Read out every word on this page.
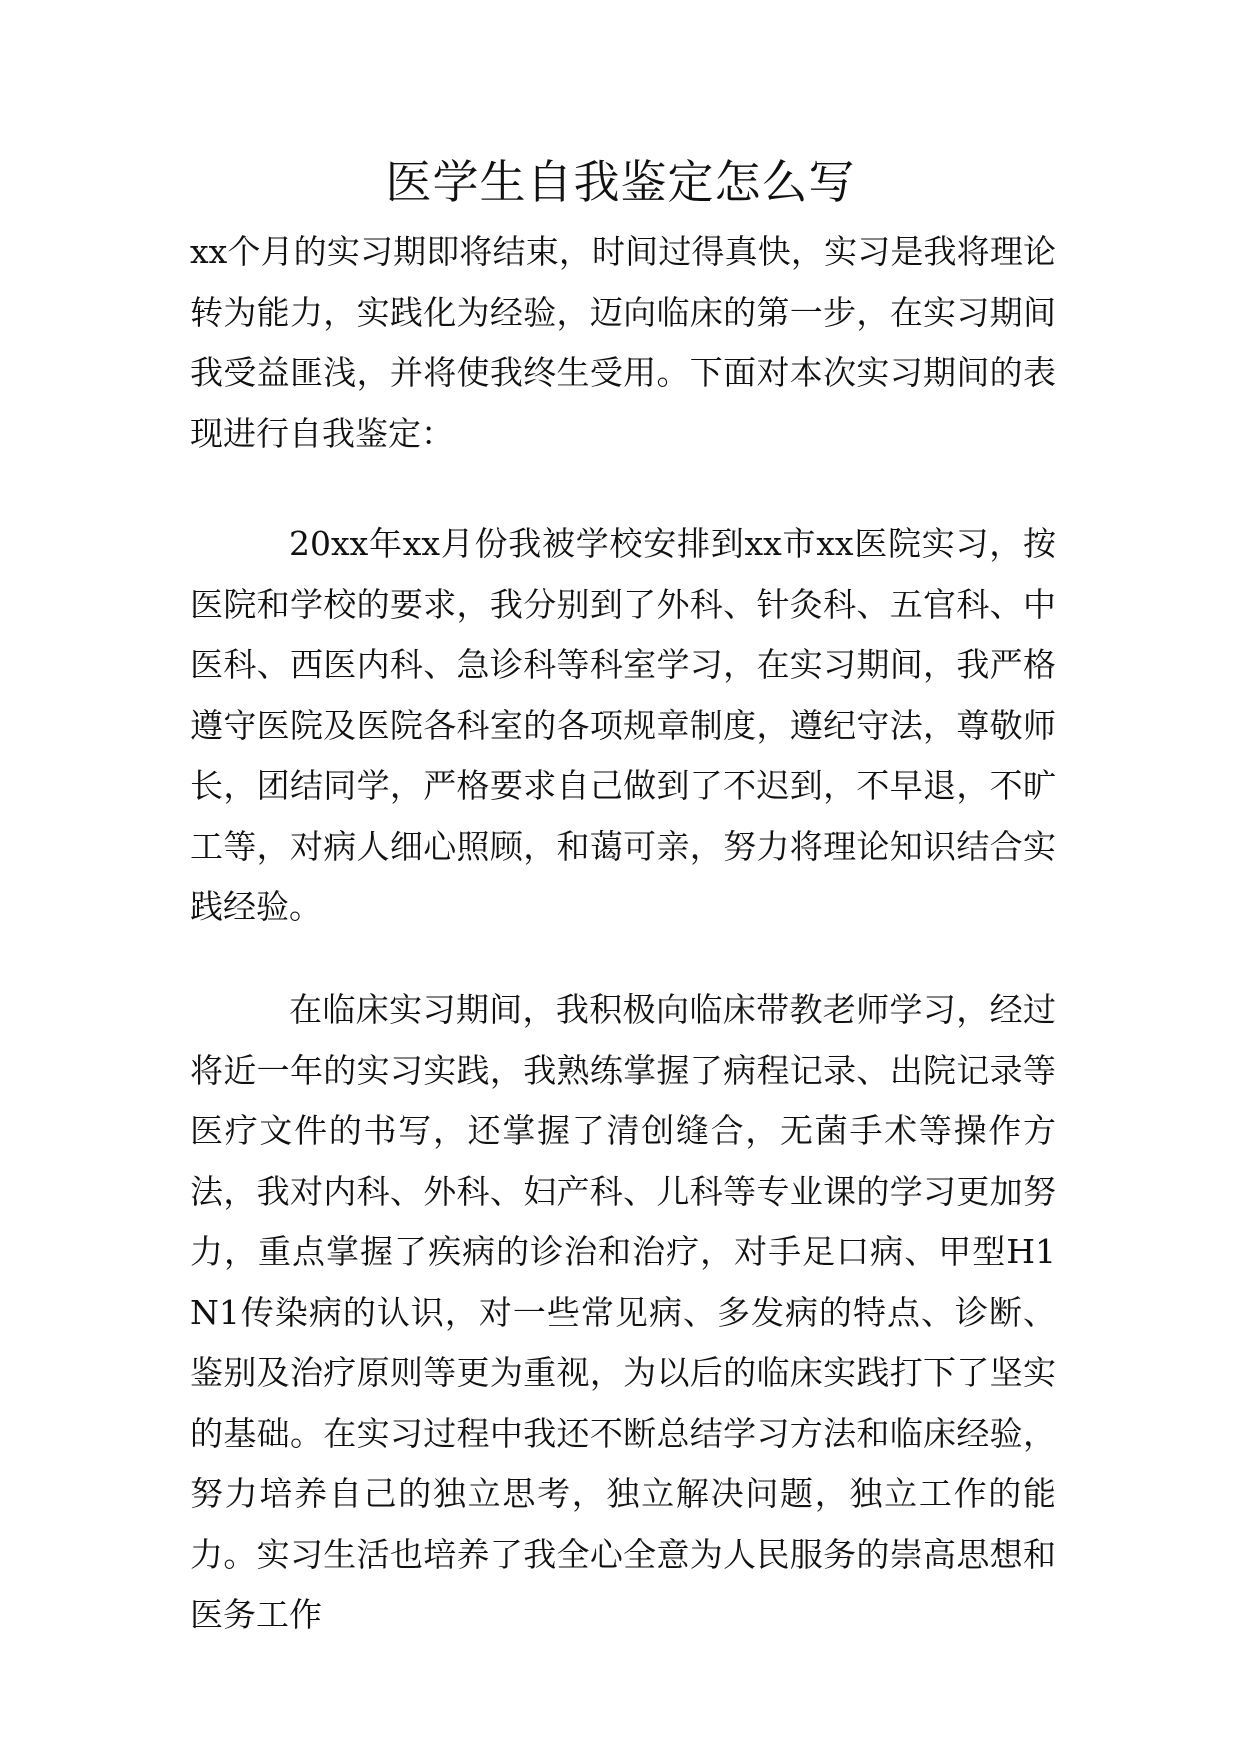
医学生自我鉴定怎么写

xx个月的实习期即将结束，时间过得真快，实习是我将理论转为能力，实践化为经验，迈向临床的第一步，在实习期间我受益匪浅，并将使我终生受用。下面对本次实习期间的表现进行自我鉴定：

20xx年xx月份我被学校安排到xx市xx医院实习，按医院和学校的要求，我分别到了外科、针灸科、五官科、中医科、西医内科、急诊科等科室学习，在实习期间，我严格遵守医院及医院各科室的各项规章制度，遵纪守法，尊敬师长，团结同学，严格要求自己做到了不迟到，不早退，不旷工等，对病人细心照顾，和蔼可亲，努力将理论知识结合实践经验。

在临床实习期间，我积极向临床带教老师学习，经过将近一年的实习实践，我熟练掌握了病程记录、出院记录等医疗文件的书写，还掌握了清创缝合，无菌手术等操作方法，我对内科、外科、妇产科、儿科等专业课的学习更加努力，重点掌握了疾病的诊治和治疗，对手足口病、甲型H1N1传染病的认识，对一些常见病、多发病的特点、诊断、鉴别及治疗原则等更为重视，为以后的临床实践打下了坚实的基础。在实习过程中我还不断总结学习方法和临床经验，努力培养自己的独立思考，独立解决问题，独立工作的能力。实习生活也培养了我全心全意为人民服务的崇高思想和医务工作
